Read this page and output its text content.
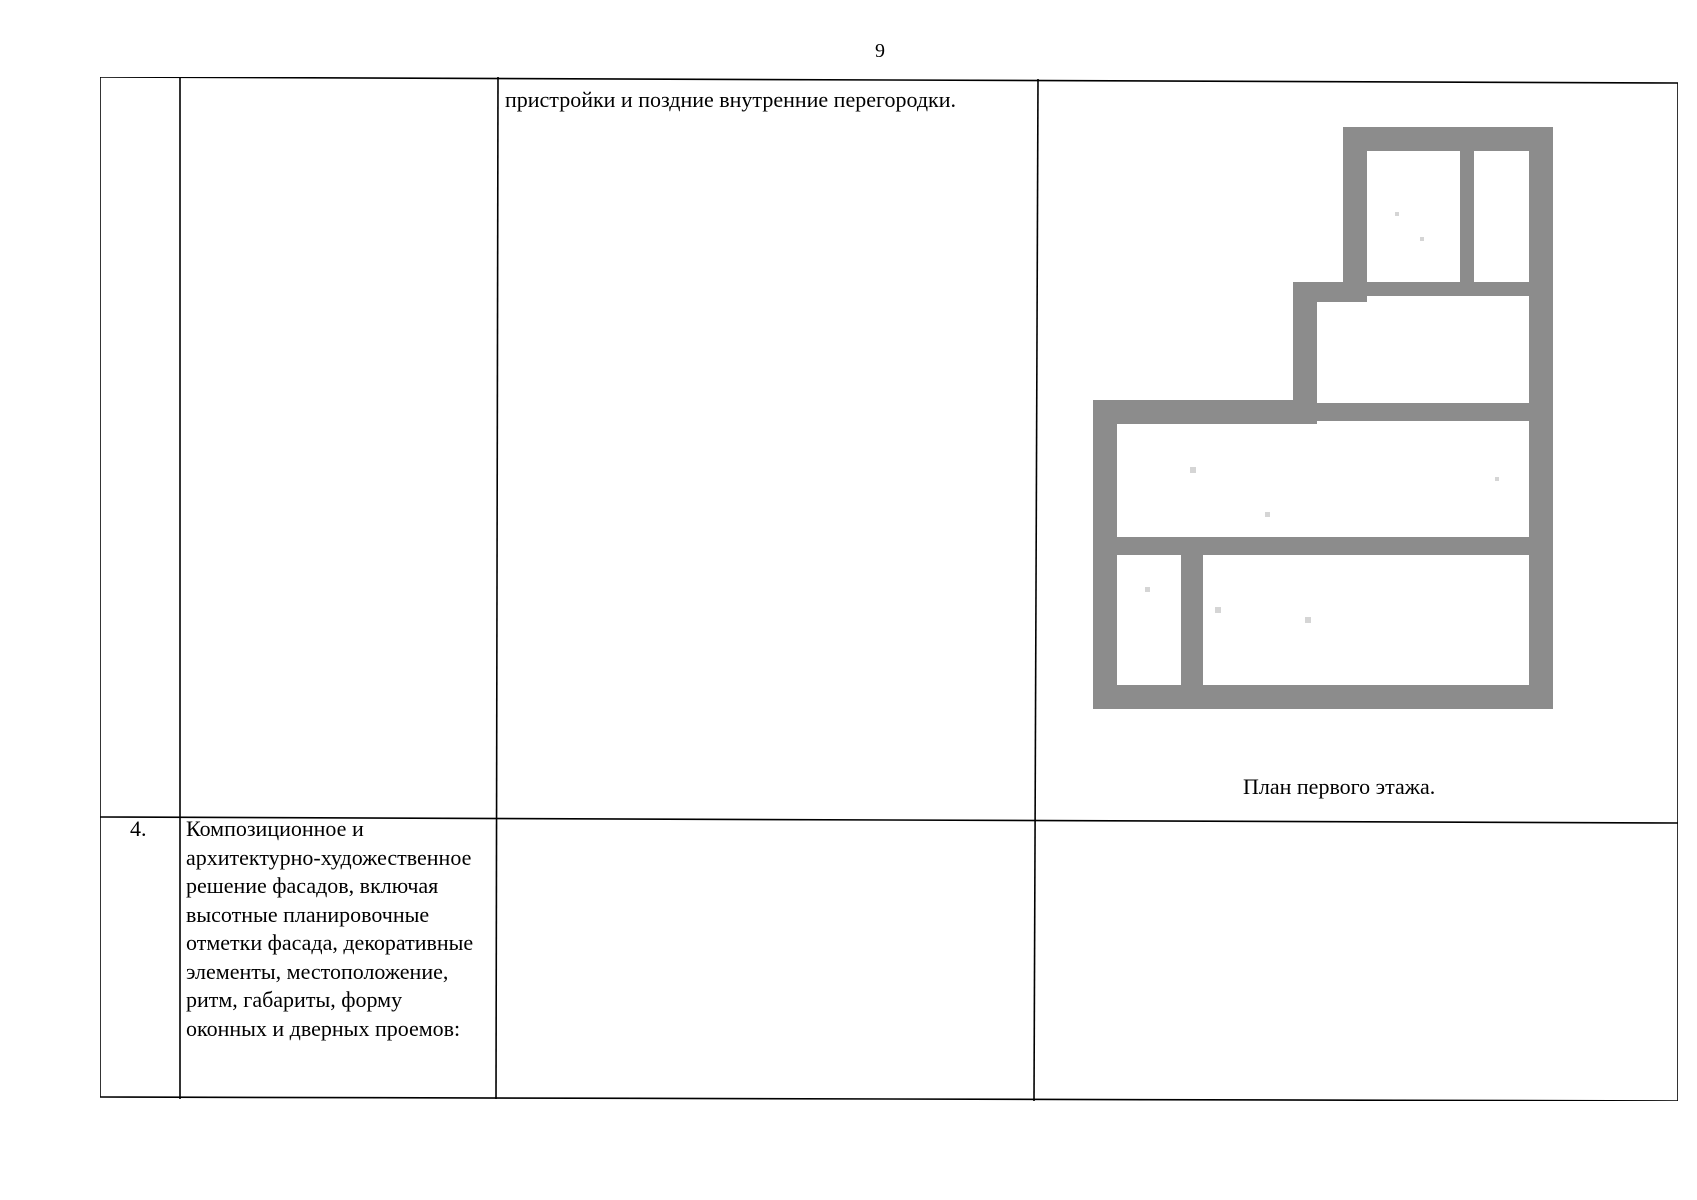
9
пристройки и поздние внутренние перегородки.
План первого этажа.
4. Композиционное и архитектурно-художественное решение фасадов, включая высотные планировочные отметки фасада, декоративные элементы, местоположение, ритм, габариты, форму оконных и дверных проемов:
